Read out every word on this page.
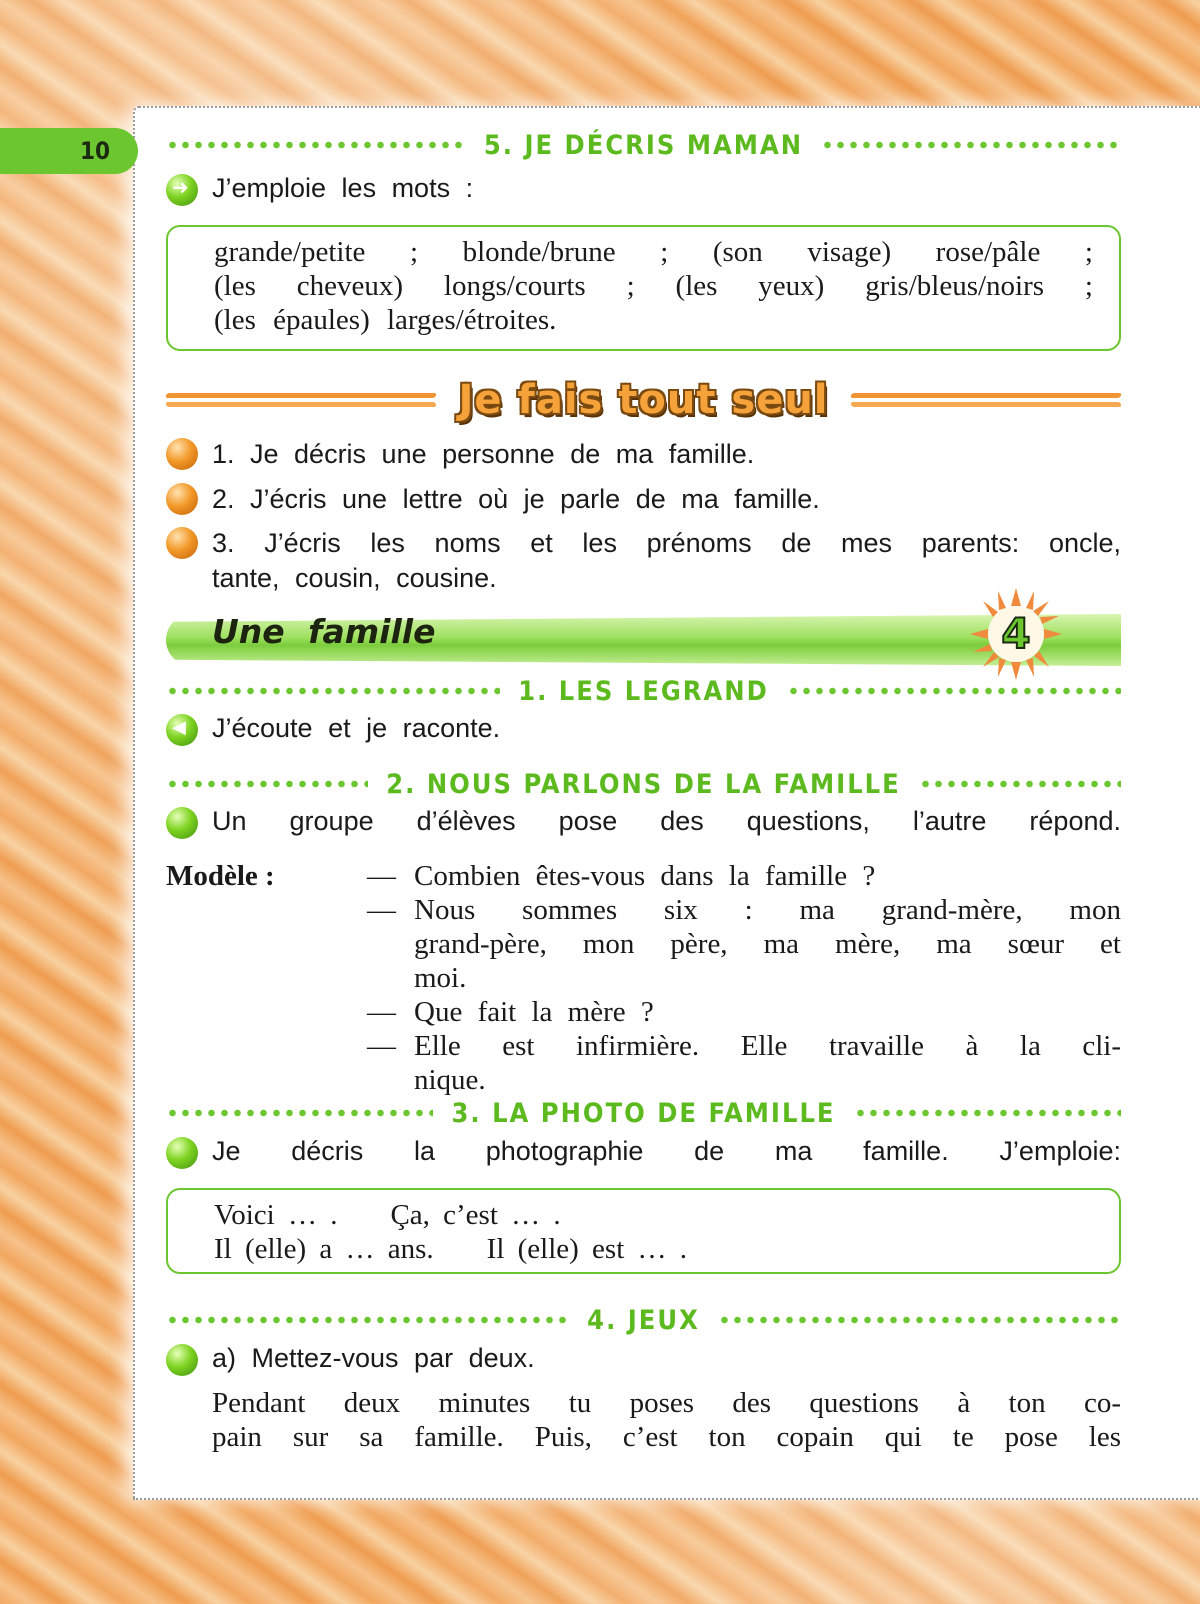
10	5. JE DÉCRIS MAMAN
➜
J’emploie les mots :

grande/petite ; blonde/brune ; (son visage) rose/pâle ;

(les cheveux) longs/courts ; (les yeux) gris/bleus/noirs ;

(les épaules) larges/étroites.

Je fais tout seul
1. Je décris une personne de ma famille.
2. J’écris une lettre où je parle de ma famille.
3. J’écris les noms et les prénoms de mes parents: oncle,
tante, cousin, cousine.
Une famille	4
1. LES LEGRAND
◀
J’écoute et je raconte.
2. NOUS PARLONS DE LA FAMILLE
Un groupe d’élèves pose des questions, l’autre répond.
Modèle :	— Combien êtes-vous dans la famille ?
— Nous sommes six : ma grand-mère, mon
grand-père, mon père, ma mère, ma sœur et
moi.
— Que fait la mère ?
— Elle est infirmière. Elle travaille à la cli-
nique.
3. LA PHOTO DE FAMILLE
Je décris la photographie de ma famille. J’emploie:
Voici … .    Ça, c’est … .
Il (elle) a … ans.    Il (elle) est … .
4. JEUX
a) Mettez-vous par deux.

Pendant deux minutes tu poses des questions à ton co-

pain sur sa famille. Puis, c’est ton copain qui te pose les
